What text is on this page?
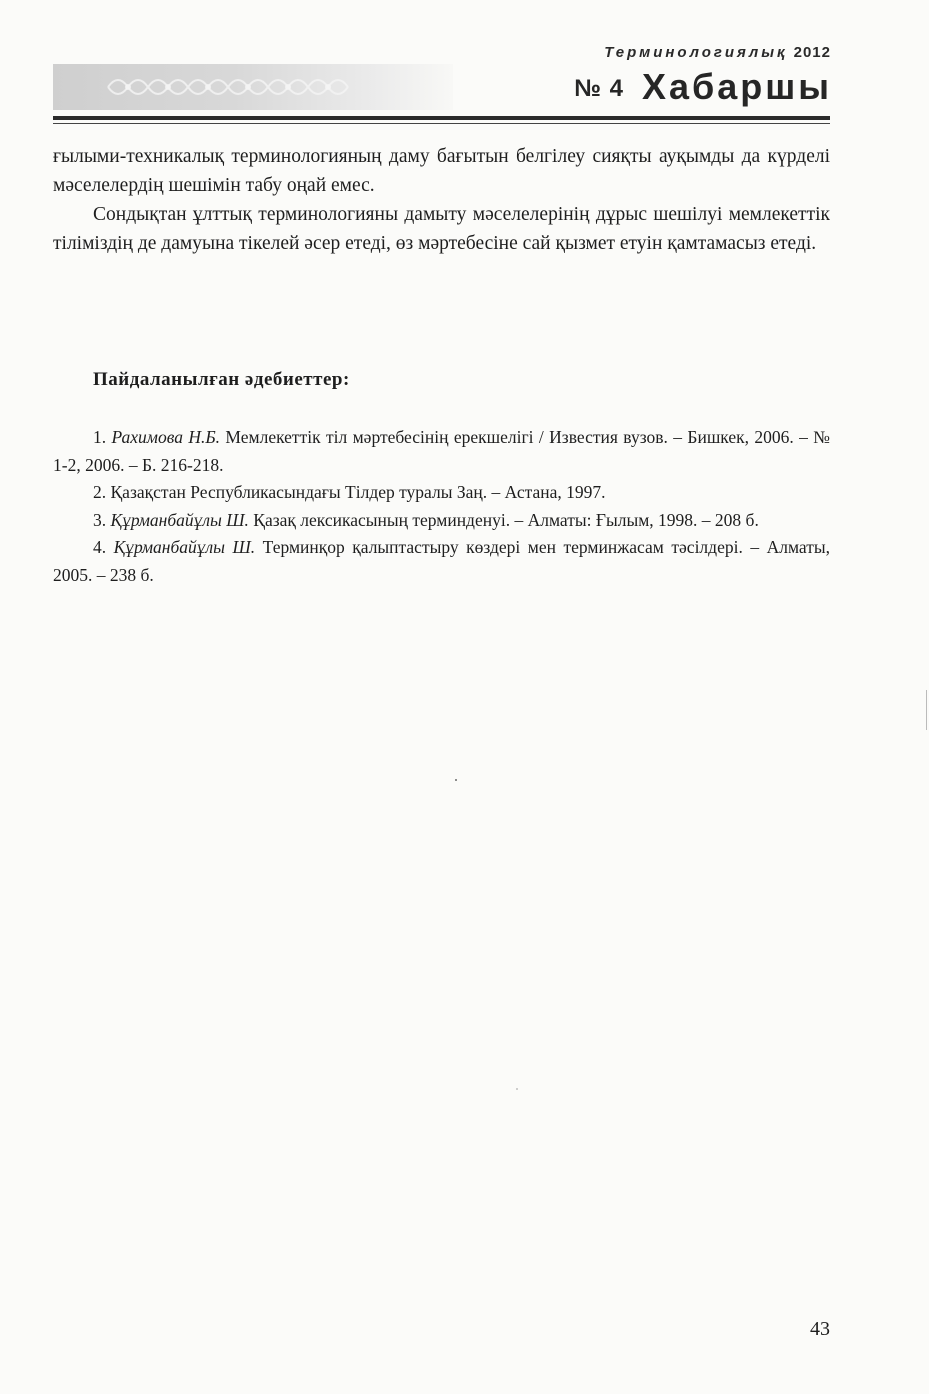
Терминологиялық 2012
№ 4 Хабаршы

ғылыми-техникалық терминологияның даму бағытын белгілеу сияқты ауқымды да күрделі мәселелердің шешімін табу оңай емес.

Сондықтан ұлттық терминологияны дамыту мәселелерінің дұрыс шешілуі мемлекеттік тіліміздің де дамуына тікелей әсер етеді, өз мәртебесіне сай қызмет етуін қамтамасыз етеді.

Пайдаланылған әдебиеттер:

1. Рахимова Н.Б. Мемлекеттік тіл мәртебесінің ерекшелігі / Известия вузов. – Бишкек, 2006. – № 1-2, 2006. – Б. 216-218.

2. Қазақстан Республикасындағы Тілдер туралы Заң. – Астана, 1997.

3. Құрманбайұлы Ш. Қазақ лексикасының терминденуі. – Алматы: Ғылым, 1998. – 208 б.

4. Құрманбайұлы Ш. Терминқор қалыптастыру көздері мен терминжасам тәсілдері. – Алматы, 2005. – 238 б.

43
